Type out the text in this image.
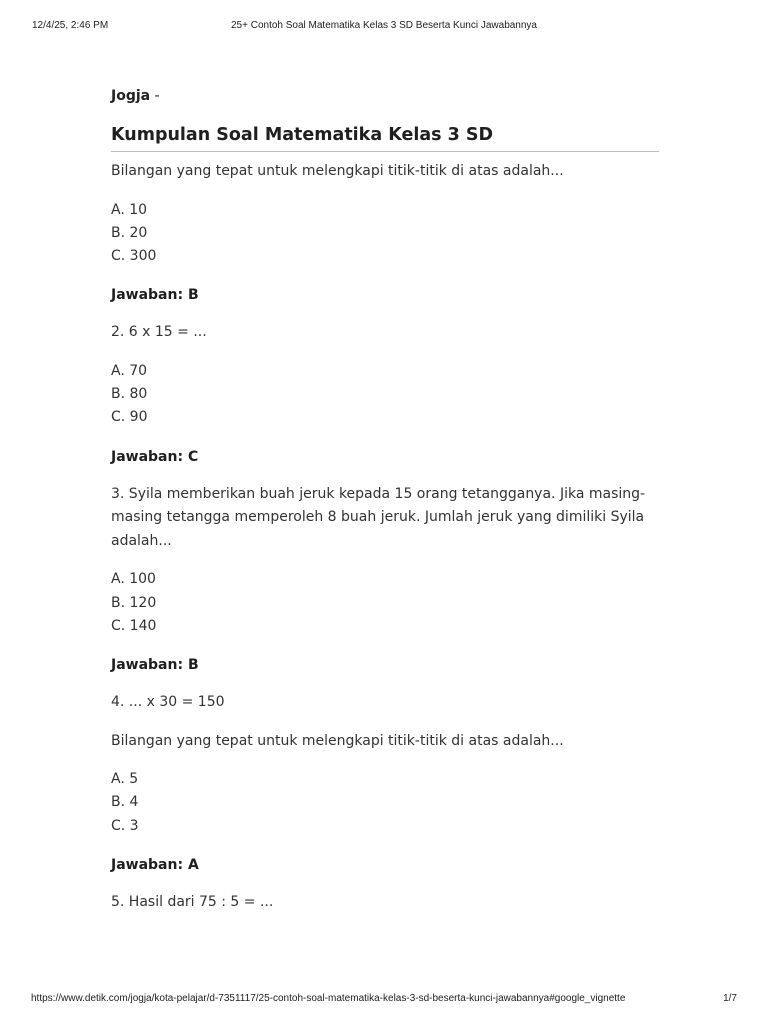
12/4/25, 2:46 PM	25+ Contoh Soal Matematika Kelas 3 SD Beserta Kunci Jawabannya

Jogja -

Kumpulan Soal Matematika Kelas 3 SD

Bilangan yang tepat untuk melengkapi titik-titik di atas adalah...

A. 10
B. 20
C. 300

Jawaban: B

2. 6 x 15 = ...

A. 70
B. 80
C. 90

Jawaban: C

3. Syila memberikan buah jeruk kepada 15 orang tetangganya. Jika masing-masing tetangga memperoleh 8 buah jeruk. Jumlah jeruk yang dimiliki Syila adalah...

A. 100
B. 120
C. 140

Jawaban: B

4. ... x 30 = 150

Bilangan yang tepat untuk melengkapi titik-titik di atas adalah...

A. 5
B. 4
C. 3

Jawaban: A

5. Hasil dari 75 : 5 = ...

https://www.detik.com/jogja/kota-pelajar/d-7351117/25-contoh-soal-matematika-kelas-3-sd-beserta-kunci-jawabannya#google_vignette	1/7
